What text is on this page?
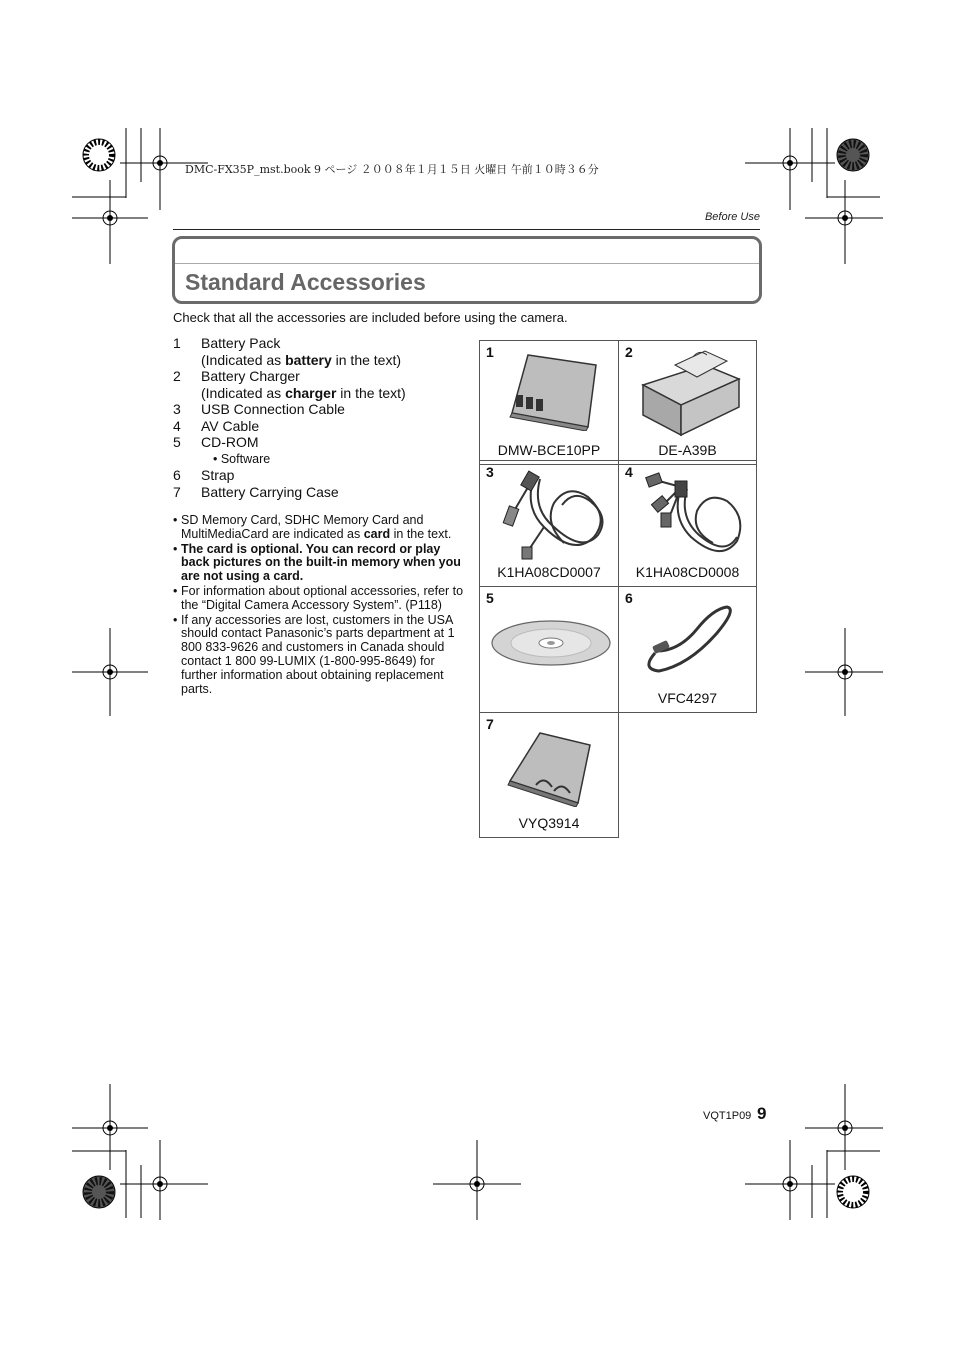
DMC-FX35P_mst.book 9 ページ ２００８年１月１５日 火曜日 午前１０時３６分
Before Use
Standard Accessories
Check that all the accessories are included before using the camera.
1	Battery Pack
(Indicated as battery in the text)
2	Battery Charger
(Indicated as charger in the text)
3	USB Connection Cable
4	AV Cable
5	CD-ROM
• Software
6	Strap
7	Battery Carrying Case
• SD Memory Card, SDHC Memory Card and MultiMediaCard are indicated as card in the text.
• The card is optional. You can record or play back pictures on the built-in memory when you are not using a card.
• For information about optional accessories, refer to the “Digital Camera Accessory System”. (P118)
• If any accessories are lost, customers in the USA should contact Panasonic’s parts department at 1 800 833-9626 and customers in Canada should contact 1 800 99-LUMIX (1-800-995-8649) for further information about obtaining replacement parts.
1
DMW-BCE10PP
2
DE-A39B
3
K1HA08CD0007
4
K1HA08CD0008
5	6
VFC4297
7
VYQ3914
VQT1P09 9
